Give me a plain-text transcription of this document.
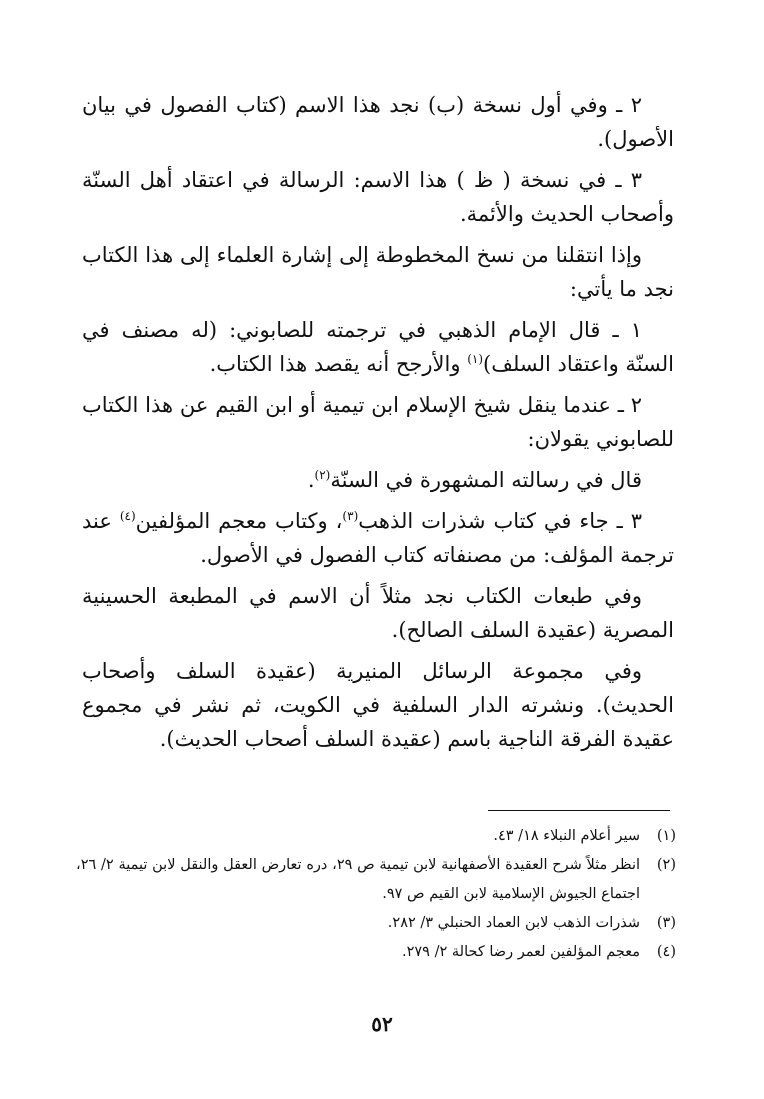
٢ ـ وفي أول نسخة (ب) نجد هذا الاسم (كتاب الفصول في بيان الأصول).

٣ ـ في نسخة ( ظ ) هذا الاسم: الرسالة في اعتقاد أهل السنّة وأصحاب الحديث والأئمة.

وإذا انتقلنا من نسخ المخطوطة إلى إشارة العلماء إلى هذا الكتاب نجد ما يأتي:

١ ـ قال الإمام الذهبي في ترجمته للصابوني: (له مصنف في السنّة واعتقاد السلف)$^{(١)}$ والأرجح أنه يقصد هذا الكتاب.

٢ ـ عندما ينقل شيخ الإسلام ابن تيمية أو ابن القيم عن هذا الكتاب للصابوني يقولان:

قال في رسالته المشهورة في السنّة$^{(٢)}$.

٣ ـ جاء في كتاب شذرات الذهب$^{(٣)}$، وكتاب معجم المؤلفين$^{(٤)}$ عند ترجمة المؤلف: من مصنفاته كتاب الفصول في الأصول.

وفي طبعات الكتاب نجد مثلاً أن الاسم في المطبعة الحسينية المصرية (عقيدة السلف الصالح).

وفي مجموعة الرسائل المنيرية (عقيدة السلف وأصحاب الحديث). ونشرته الدار السلفية في الكويت، ثم نشر في مجموع عقيدة الفرقة الناجية باسم (عقيدة السلف أصحاب الحديث).

(١)
سير أعلام النبلاء ١٨/ ٤٣.
(٢)
انظر مثلاً شرح العقيدة الأصفهانية لابن تيمية ص ٢٩، دره تعارض العقل والنقل لابن تيمية ٢/ ٢٦، اجتماع الجيوش الإسلامية لابن القيم ص ٩٧.
(٣)
شذرات الذهب لابن العماد الحنبلي ٣/ ٢٨٢.
(٤)
معجم المؤلفين لعمر رضا كحالة ٢/ ٢٧٩.
٥٢
